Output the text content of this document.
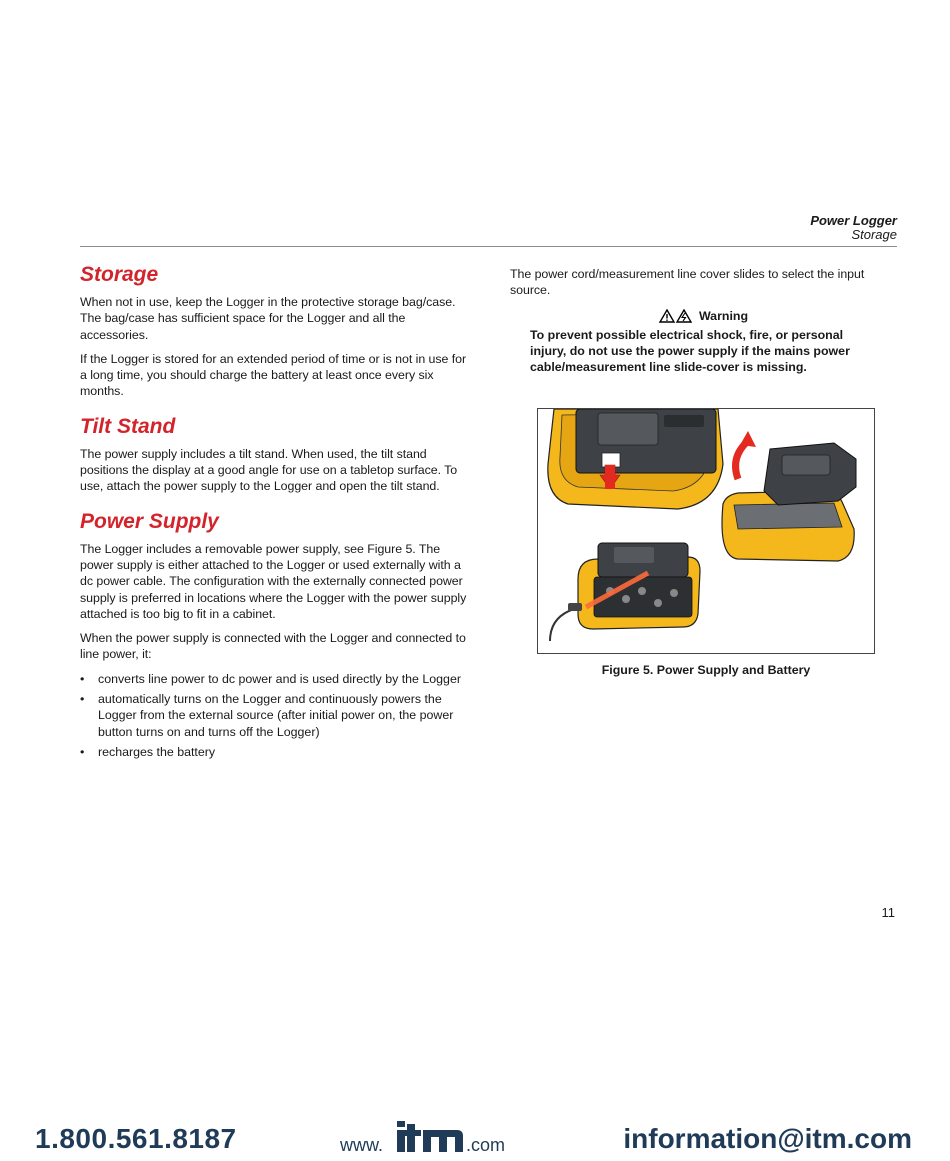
Power Logger
Storage
Storage

When not in use, keep the Logger in the protective storage bag/case. The bag/case has sufficient space for the Logger and all the accessories.

If the Logger is stored for an extended period of time or is not in use for a long time, you should charge the battery at least once every six months.

Tilt Stand

The power supply includes a tilt stand. When used, the tilt stand positions the display at a good angle for use on a tabletop surface. To use, attach the power supply to the Logger and open the tilt stand.

Power Supply

The Logger includes a removable power supply, see Figure 5. The power supply is either attached to the Logger or used externally with a dc power cable. The configuration with the externally connected power supply is preferred in locations where the Logger with the power supply attached is too big to fit in a cabinet.

When the power supply is connected with the Logger and connected to line power, it:

• converts line power to dc power and is used directly by the Logger
• automatically turns on the Logger and continuously powers the Logger from the external source (after initial power on, the power button turns on and turns off the Logger)
• recharges the battery

The power cord/measurement line cover slides to select the input source.

Warning

To prevent possible electrical shock, fire, or personal injury, do not use the power supply if the mains power cable/measurement line slide-cover is missing.

Figure 5. Power Supply and Battery
11
1.800.561.8187	www.	.com	information@itm.com
